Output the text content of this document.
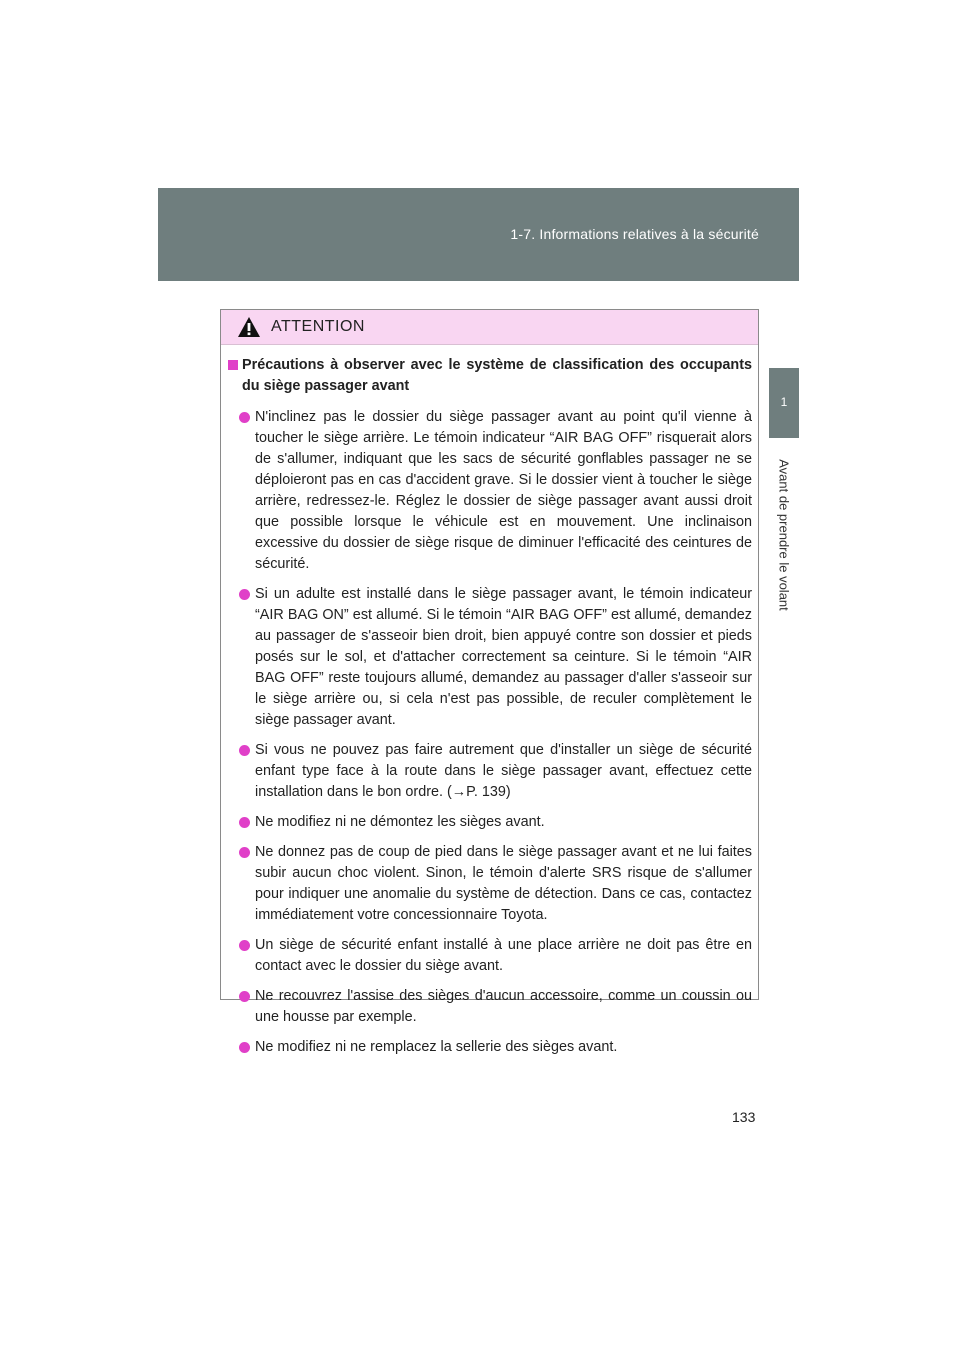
1-7. Informations relatives à la sécurité
1
Avant de prendre le volant
ATTENTION
Précautions à observer avec le système de classification des occupants du siège passager avant
N'inclinez pas le dossier du siège passager avant au point qu'il vienne à toucher le siège arrière. Le témoin indicateur “AIR BAG OFF” risquerait alors de s'allumer, indiquant que les sacs de sécurité gonflables passager ne se déploieront pas en cas d'accident grave. Si le dossier vient à toucher le siège arrière, redressez-le. Réglez le dossier de siège passager avant aussi droit que possible lorsque le véhicule est en mouvement. Une inclinaison excessive du dossier de siège risque de diminuer l'efficacité des ceintures de sécurité.
Si un adulte est installé dans le siège passager avant, le témoin indicateur “AIR BAG ON” est allumé. Si le témoin “AIR BAG OFF” est allumé, demandez au passager de s'asseoir bien droit, bien appuyé contre son dossier et pieds posés sur le sol, et d'attacher correctement sa ceinture. Si le témoin “AIR BAG OFF” reste toujours allumé, demandez au passager d'aller s'asseoir sur le siège arrière ou, si cela n'est pas possible, de reculer complètement le siège passager avant.
Si vous ne pouvez pas faire autrement que d'installer un siège de sécurité enfant type face à la route dans le siège passager avant, effectuez cette installation dans le bon ordre. (→P. 139)
Ne modifiez ni ne démontez les sièges avant.
Ne donnez pas de coup de pied dans le siège passager avant et ne lui faites subir aucun choc violent. Sinon, le témoin d'alerte SRS risque de s'allumer pour indiquer une anomalie du système de détection. Dans ce cas, contactez immédiatement votre concessionnaire Toyota.
Un siège de sécurité enfant installé à une place arrière ne doit pas être en contact avec le dossier du siège avant.
Ne recouvrez l'assise des sièges d'aucun accessoire, comme un coussin ou une housse par exemple.
Ne modifiez ni ne remplacez la sellerie des sièges avant.
133
